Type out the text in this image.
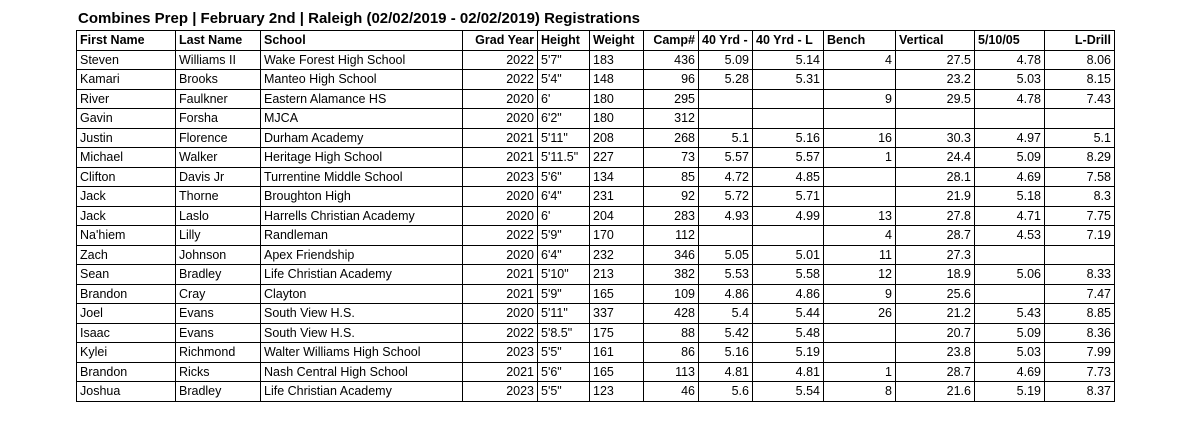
Combines Prep | February 2nd | Raleigh (02/02/2019 - 02/02/2019) Registrations
First Name	Last Name	School	Grad Year	Height	Weight	Camp#	40 Yrd -	40 Yrd - L	Bench	Vertical	5/10/05	L-Drill
Steven	Williams II	Wake Forest High School	2022	5'7"	183	436	5.09	5.14	4	27.5	4.78	8.06
Kamari	Brooks	Manteo High School	2022	5'4"	148	96	5.28	5.31		23.2	5.03	8.15
River	Faulkner	Eastern Alamance HS	2020	6'	180	295			9	29.5	4.78	7.43
Gavin	Forsha	MJCA	2020	6'2"	180	312						
Justin	Florence	Durham Academy	2021	5'11"	208	268	5.1	5.16	16	30.3	4.97	5.1
Michael	Walker	Heritage High School	2021	5'11.5"	227	73	5.57	5.57	1	24.4	5.09	8.29
Clifton	Davis Jr	Turrentine Middle School	2023	5'6"	134	85	4.72	4.85		28.1	4.69	7.58
Jack	Thorne	Broughton High	2020	6'4"	231	92	5.72	5.71		21.9	5.18	8.3
Jack	Laslo	Harrells Christian Academy	2020	6'	204	283	4.93	4.99	13	27.8	4.71	7.75
Na'hiem	Lilly	Randleman	2022	5'9"	170	112			4	28.7	4.53	7.19
Zach	Johnson	Apex Friendship	2020	6'4"	232	346	5.05	5.01	11	27.3		
Sean	Bradley	Life Christian Academy	2021	5'10"	213	382	5.53	5.58	12	18.9	5.06	8.33
Brandon	Cray	Clayton	2021	5'9"	165	109	4.86	4.86	9	25.6		7.47
Joel	Evans	South View H.S.	2020	5'11"	337	428	5.4	5.44	26	21.2	5.43	8.85
Isaac	Evans	South View H.S.	2022	5'8.5"	175	88	5.42	5.48		20.7	5.09	8.36
Kylei	Richmond	Walter Williams High School	2023	5'5"	161	86	5.16	5.19		23.8	5.03	7.99
Brandon	Ricks	Nash Central High School	2021	5'6"	165	113	4.81	4.81	1	28.7	4.69	7.73
Joshua	Bradley	Life Christian Academy	2023	5'5"	123	46	5.6	5.54	8	21.6	5.19	8.37
